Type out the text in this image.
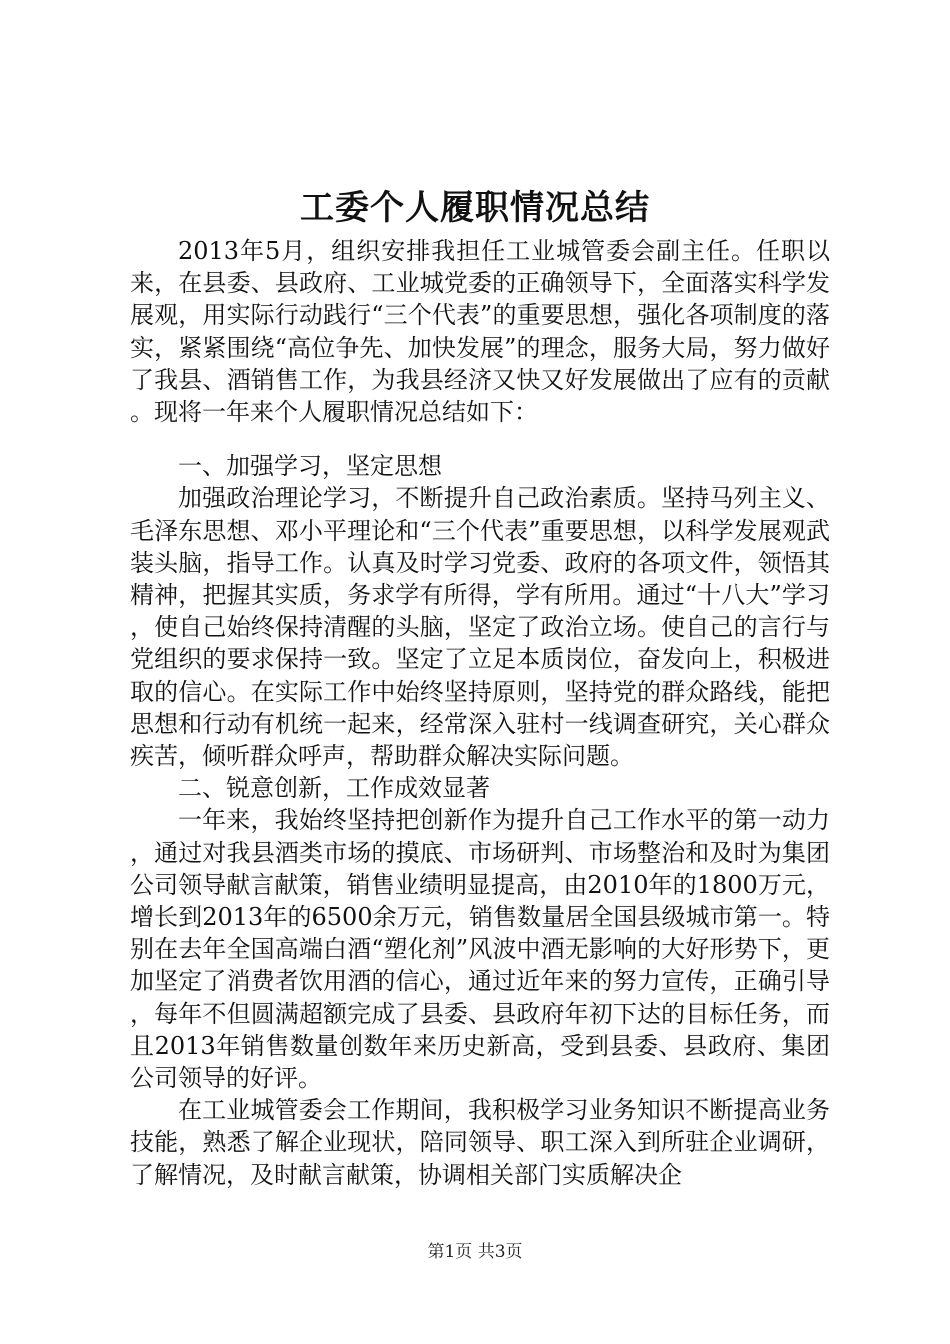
工委个人履职情况总结

2013年5月，组织安排我担任工业城管委会副主任。任职以来，在县委、县政府、工业城党委的正确领导下，全面落实科学发展观，用实际行动践行“三个代表”的重要思想，强化各项制度的落实，紧紧围绕“高位争先、加快发展”的理念，服务大局，努力做好了我县、酒销售工作，为我县经济又快又好发展做出了应有的贡献。现将一年来个人履职情况总结如下：

一、加强学习，坚定思想

加强政治理论学习，不断提升自己政治素质。坚持马列主义、毛泽东思想、邓小平理论和“三个代表”重要思想，以科学发展观武装头脑，指导工作。认真及时学习党委、政府的各项文件，领悟其精神，把握其实质，务求学有所得，学有所用。通过“十八大”学习，使自己始终保持清醒的头脑，坚定了政治立场。使自己的言行与党组织的要求保持一致。坚定了立足本质岗位，奋发向上，积极进取的信心。在实际工作中始终坚持原则，坚持党的群众路线，能把思想和行动有机统一起来，经常深入驻村一线调查研究，关心群众疾苦，倾听群众呼声，帮助群众解决实际问题。

二、锐意创新，工作成效显著

一年来，我始终坚持把创新作为提升自己工作水平的第一动力，通过对我县酒类市场的摸底、市场研判、市场整治和及时为集团公司领导献言献策，销售业绩明显提高，由2010年的1800万元，增长到2013年的6500余万元，销售数量居全国县级城市第一。特别在去年全国高端白酒“塑化剂”风波中酒无影响的大好形势下，更加坚定了消费者饮用酒的信心，通过近年来的努力宣传，正确引导，每年不但圆满超额完成了县委、县政府年初下达的目标任务，而且2013年销售数量创数年来历史新高，受到县委、县政府、集团公司领导的好评。

在工业城管委会工作期间，我积极学习业务知识不断提高业务技能，熟悉了解企业现状，陪同领导、职工深入到所驻企业调研，了解情况，及时献言献策，协调相关部门实质解决企

第1页 共3页
